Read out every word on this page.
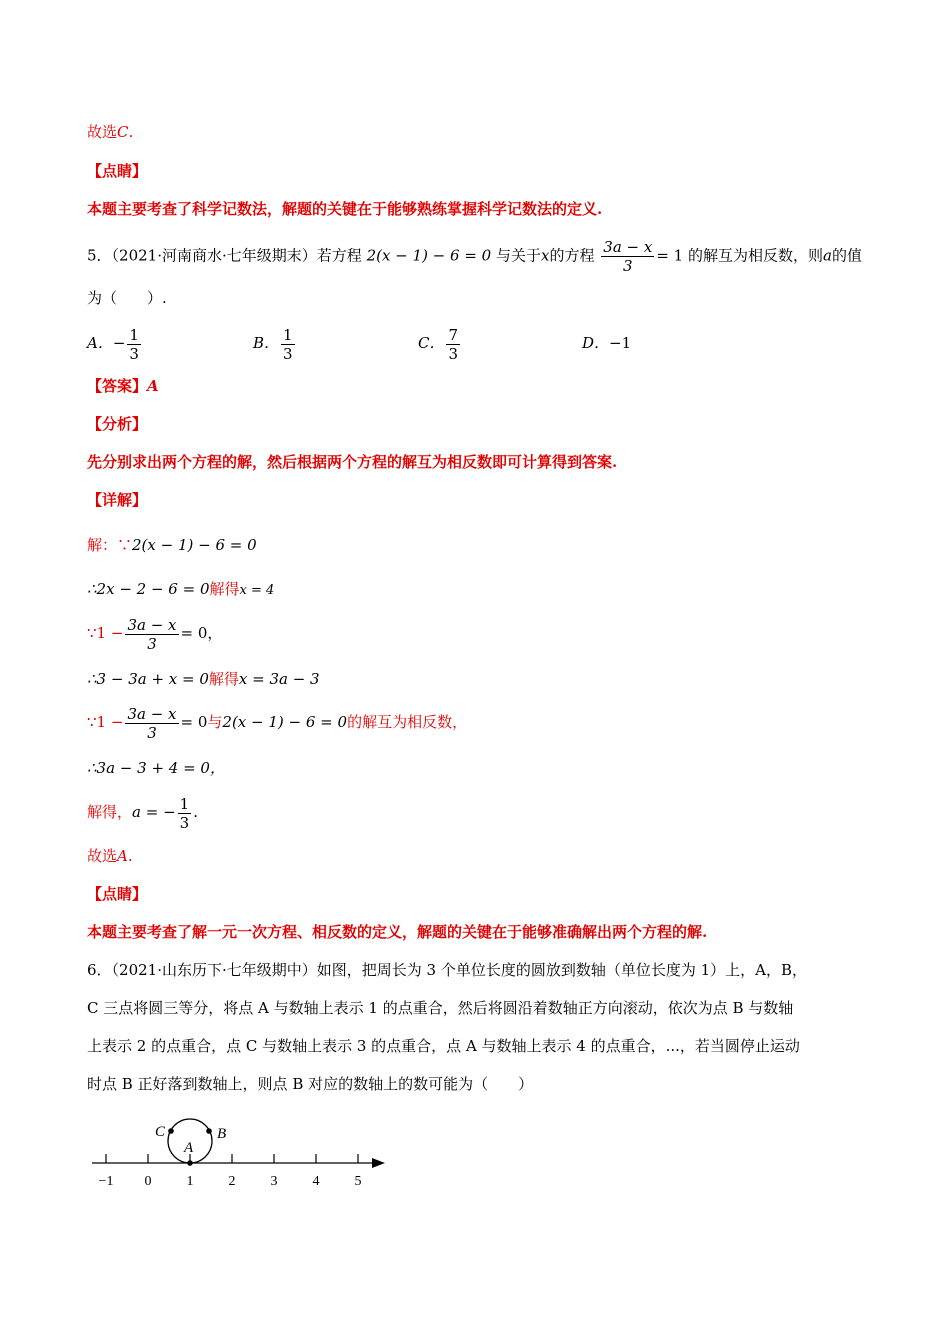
故选C.
【点睛】
本题主要考查了科学记数法，解题的关键在于能够熟练掌握科学记数法的定义.
5．（2021·河南商水·七年级期末）若方程 2(x − 1) − 6 = 0 与关于x的方程 $\frac{3a - x}{3} = 1$ 的解互为相反数，则a的值
为（　　）.
A．− $\frac{1}{3}$	B． $\frac{1}{3}$	C． $\frac{7}{3}$	D．−1
【答案】A
【分析】
先分别求出两个方程的解，然后根据两个方程的解互为相反数即可计算得到答案.
【详解】
解：∵2(x − 1) − 6 = 0
∴2x − 2 − 6 = 0解得x = 4
∵1 − $\frac{3a - x}{3} = 0$，
∴3 − 3a + x = 0解得x = 3a − 3
∵1 − $\frac{3a - x}{3} = 0$与2(x − 1) − 6 = 0的解互为相反数，
∴3a − 3 + 4 = 0，
解得，a = − $\frac{1}{3}$ .
故选A.
【点睛】
本题主要考查了解一元一次方程、相反数的定义，解题的关键在于能够准确解出两个方程的解.
6．（2021·山东历下·七年级期中）如图，把周长为 3 个单位长度的圆放到数轴（单位长度为 1）上，A，B，
C 三点将圆三等分，将点 A 与数轴上表示 1 的点重合，然后将圆沿着数轴正方向滚动，依次为点 B 与数轴
上表示 2 的点重合，点 C 与数轴上表示 3 的点重合，点 A 与数轴上表示 4 的点重合，...，若当圆停止运动
时点 B 正好落到数轴上，则点 B 对应的数轴上的数可能为（　　）
−1 0	1	2	3	4	5
C
A
B
